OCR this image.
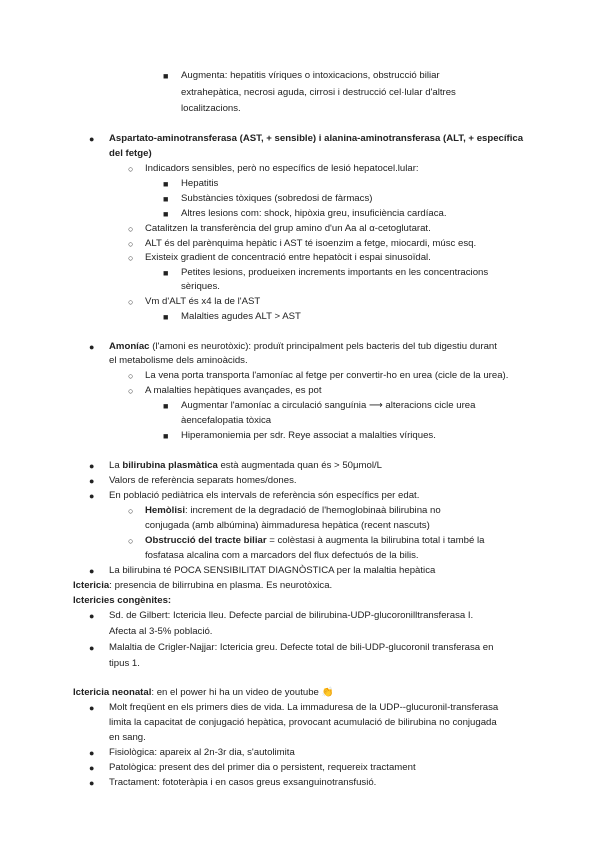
■ Augmenta: hepatitis víriques o intoxicacions, obstrucció biliar
extrahepàtica, necrosi aguda, cirrosi i destrucció cel·lular d'altres
localitzacions.
● Aspartato-aminotransferasa (AST, + sensible) i alanina-aminotransferasa (ALT, + específica
del fetge)
○ Indicadors sensibles, però no específics de lesió hepatocel.lular:
■ Hepatitis
■ Substàncies tòxiques (sobredosi de fàrmacs)
■ Altres lesions com: shock, hipòxia greu, insuficiència cardíaca.
○ Catalitzen la transferència del grup amino d'un Aa al α-cetoglutarat.
○ ALT és del parènquima hepàtic i AST té isoenzim a fetge, miocardi, músc esq.
○ Existeix gradient de concentració entre hepatòcit i espai sinusoïdal.
■ Petites lesions, produeixen increments importants en les concentracions
sèriques.
○ Vm d'ALT és x4 la de l'AST
■ Malalties agudes ALT > AST
● Amoníac (l'amoni es neurotòxic): produït principalment pels bacteris del tub digestiu durant
el metabolisme dels aminoàcids.
○ La vena porta transporta l'amoníac al fetge per convertir-ho en urea (cicle de la urea).
○ A malalties hepàtiques avançades, es pot
■ Augmentar l'amoníac a circulació sanguínia ⟶ alteracions cicle urea
àencefalopatia tòxica
■ Hiperamoniemia per sdr. Reye associat a malalties víriques.
● La bilirubina plasmàtica està augmentada quan és > 50μmol/L
● Valors de referència separats homes/dones.
● En població pediàtrica els intervals de referència són específics per edat.
○ Hemòlisi: increment de la degradació de l'hemoglobinaà bilirubina no
conjugada (amb albúmina) àimmaduresa hepàtica (recent nascuts)
○ Obstrucció del tracte biliar = colèstasi à augmenta la bilirubina total i també la
fosfatasa alcalina com a marcadors del flux defectuós de la bilis.
● La bilirubina té POCA SENSIBILITAT DIAGNÒSTICA per la malaltia hepàtica
Ictericia: presencia de bilirrubina en plasma. Es neurotòxica.
Ictericies congènites:
● Sd. de Gilbert: Ictericia lleu. Defecte parcial de bilirubina-UDP-glucoronilltransferasa I.
Afecta al 3-5% població.
● Malaltia de Crigler-Najjar: Ictericia greu. Defecte total de bili-UDP-glucoronil transferasa en
tipus 1.
Ictericia neonatal: en el power hi ha un video de youtube 👏
● Molt freqüent en els primers dies de vida. La immaduresa de la UDP--glucuronil-transferasa
limita la capacitat de conjugació hepàtica, provocant acumulació de bilirubina no conjugada
en sang.
● Fisiològica: apareix al 2n-3r dia, s'autolimita
● Patològica: present des del primer dia o persistent, requereix tractament
● Tractament: fototeràpia i en casos greus exsanguinotransfusió.
